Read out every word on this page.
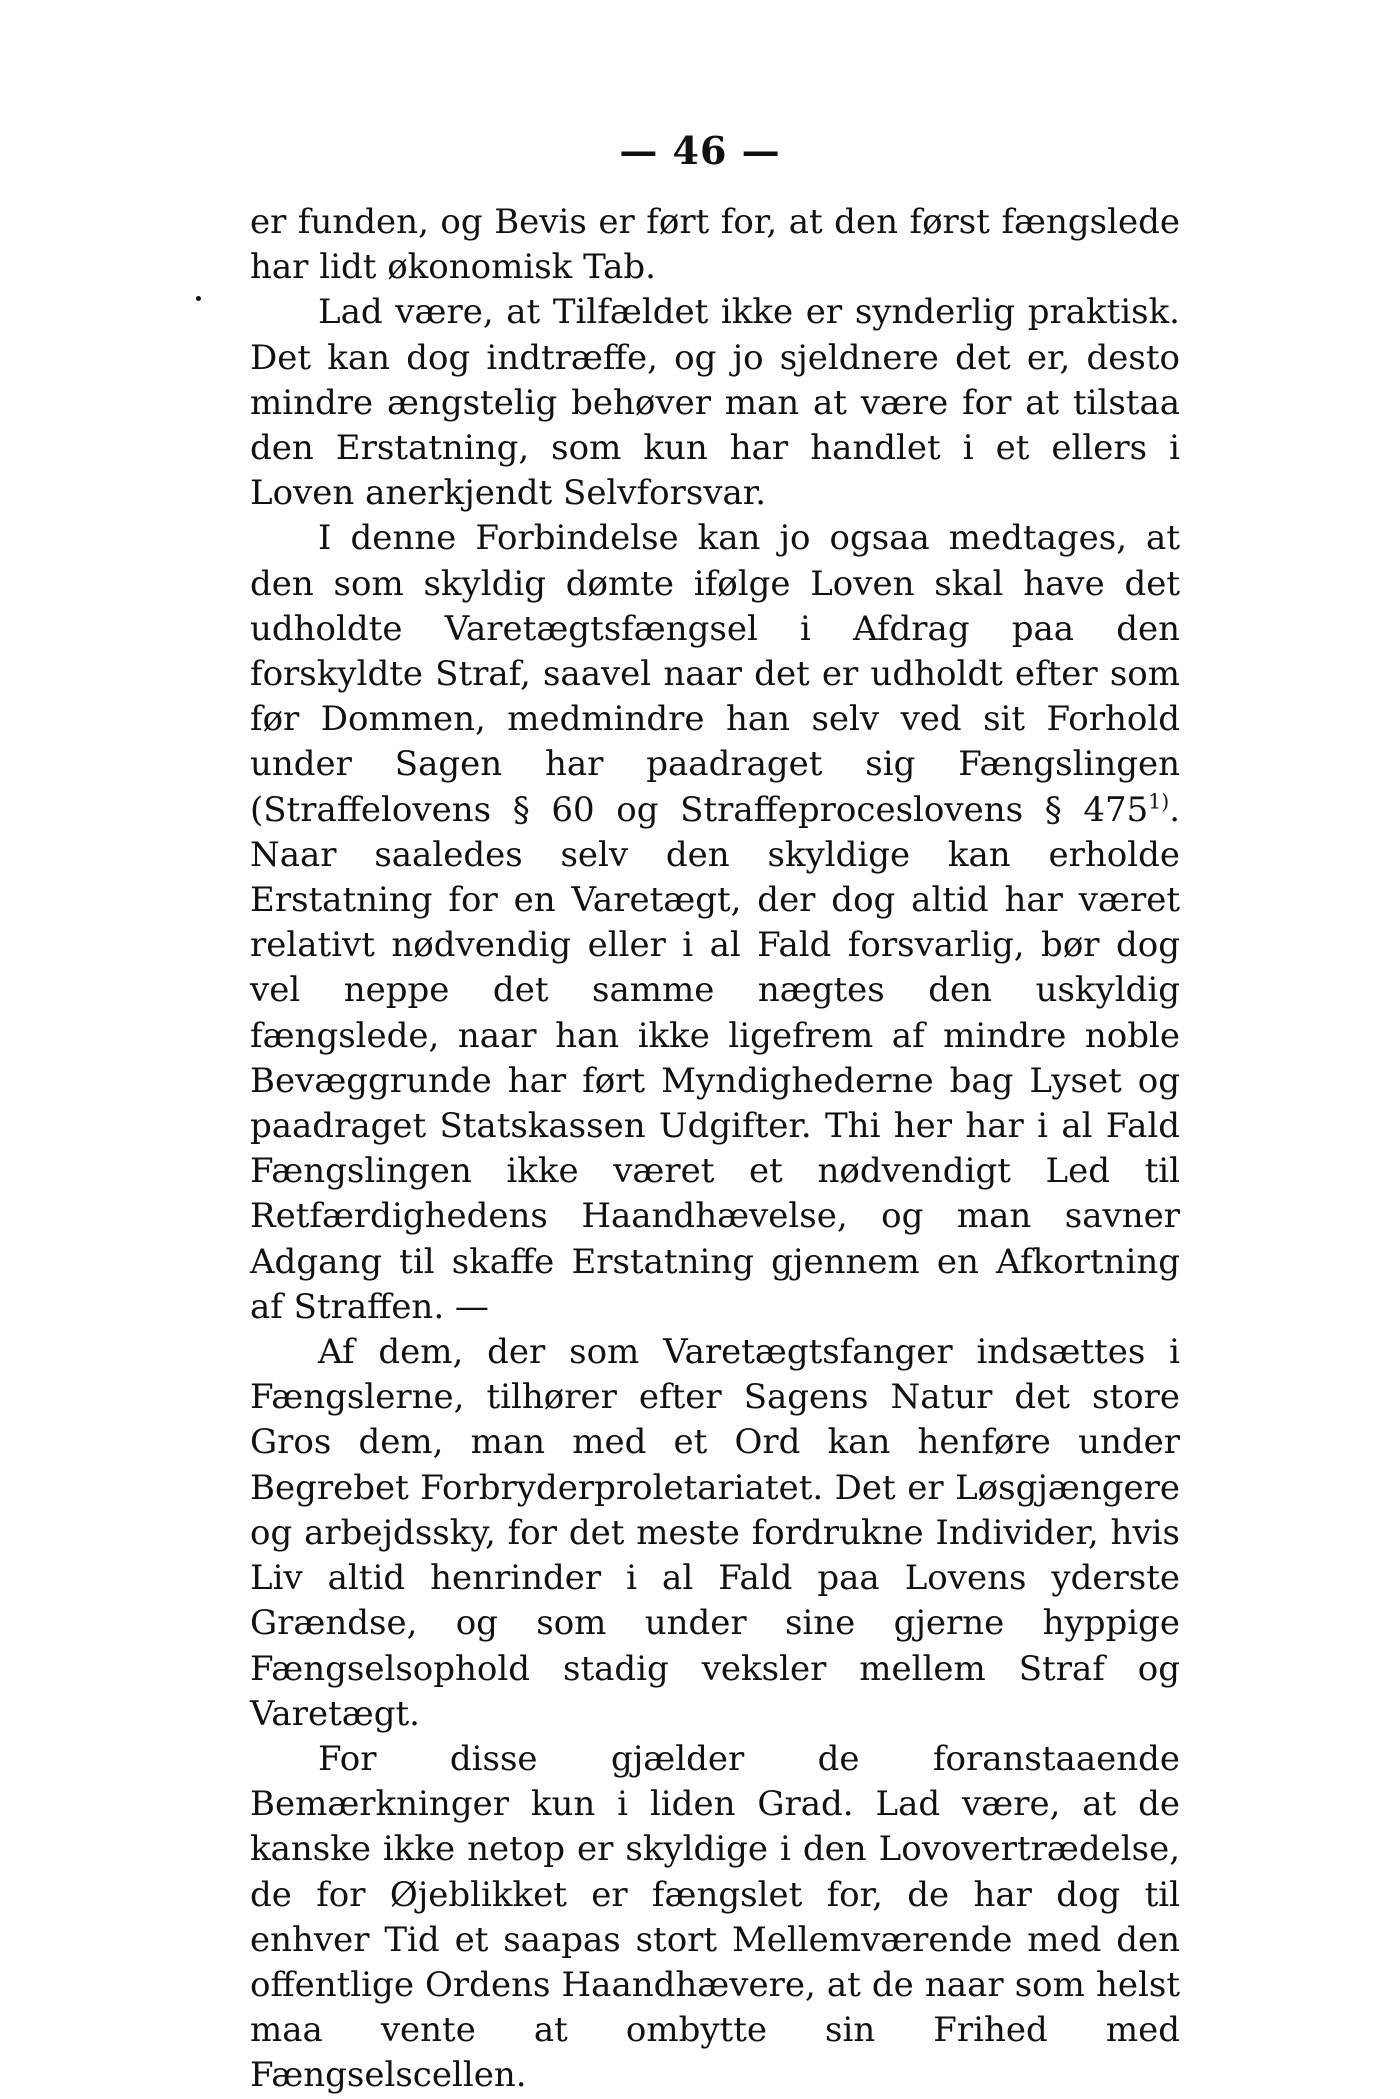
— 46 —

er funden, og Bevis er ført for, at den først fængslede har lidt økonomisk Tab.

Lad være, at Tilfældet ikke er synderlig praktisk. Det kan dog indtræffe, og jo sjeldnere det er, desto mindre ængstelig behøver man at være for at tilstaa den Erstatning, som kun har handlet i et ellers i Loven anerkjendt Selvforsvar.

I denne Forbindelse kan jo ogsaa medtages, at den som skyldig dømte ifølge Loven skal have det udholdte Varetægtsfængsel i Afdrag paa den forskyldte Straf, saavel naar det er udholdt efter som før Dommen, medmindre han selv ved sit Forhold under Sagen har paadraget sig Fængslingen (Straffelovens § 60 og Straffeproceslovens § 475$^{1)}$. Naar saaledes selv den skyldige kan erholde Erstatning for en Varetægt, der dog altid har været relativt nødvendig eller i al Fald forsvarlig, bør dog vel neppe det samme nægtes den uskyldig fængslede, naar han ikke ligefrem af mindre noble Bevæggrunde har ført Myndighederne bag Lyset og paadraget Statskassen Udgifter. Thi her har i al Fald Fængslingen ikke været et nødvendigt Led til Retfærdighedens Haandhævelse, og man savner Adgang til skaffe Erstatning gjennem en Afkortning af Straffen. —

Af dem, der som Varetægtsfanger indsættes i Fængslerne, tilhører efter Sagens Natur det store Gros dem, man med et Ord kan henføre under Begrebet Forbryderproletariatet. Det er Løsgjængere og arbejdssky, for det meste fordrukne Individer, hvis Liv altid henrinder i al Fald paa Lovens yderste Grændse, og som under sine gjerne hyppige Fængselsophold stadig veksler mellem Straf og Varetægt.

For disse gjælder de foranstaaende Bemærkninger kun i liden Grad. Lad være, at de kanske ikke netop er skyldige i den Lovovertrædelse, de for Øjeblikket er fængslet for, de har dog til enhver Tid et saapas stort Mellemværende med den offentlige Ordens Haandhævere, at de naar som helst maa vente at ombytte sin Frihed med Fængselscellen.
